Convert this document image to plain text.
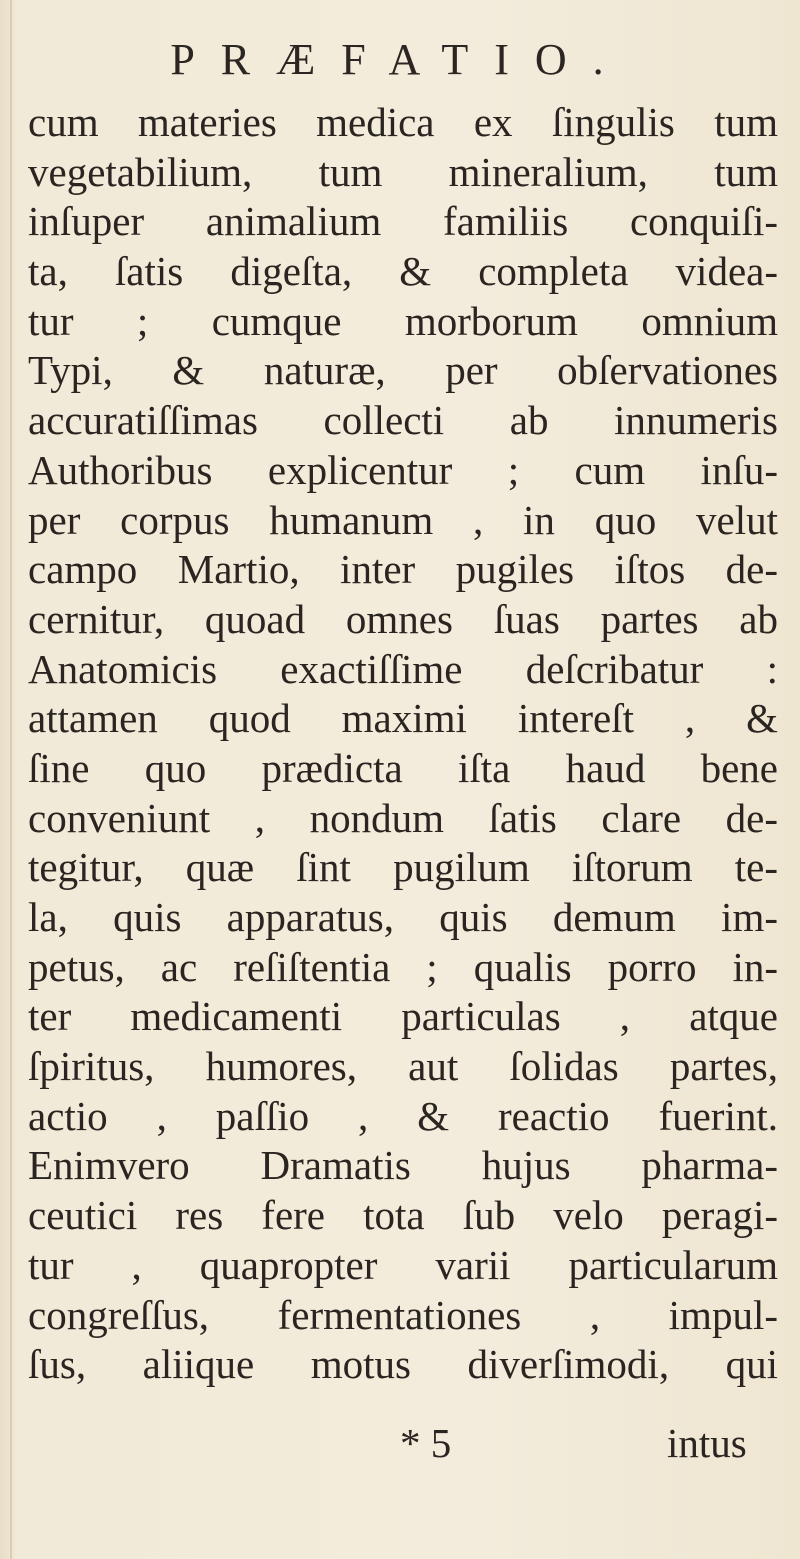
PRÆFATIO.
cum materies medica ex ſingulis tum
vegetabilium, tum mineralium, tum
inſuper animalium familiis conquiſi-
ta, ſatis digeſta, & completa videa-
tur ; cumque morborum omnium
Typi, & naturæ, per obſervationes
accuratiſſimas collecti ab innumeris
Authoribus explicentur ; cum inſu-
per corpus humanum , in quo velut
campo Martio, inter pugiles iſtos de-
cernitur, quoad omnes ſuas partes ab
Anatomicis exactiſſime deſcribatur :
attamen quod maximi intereſt , &
ſine quo prædicta iſta haud bene
conveniunt , nondum ſatis clare de-
tegitur, quæ ſint pugilum iſtorum te-
la, quis apparatus, quis demum im-
petus, ac reſiſtentia ; qualis porro in-
ter medicamenti particulas , atque
ſpiritus, humores, aut ſolidas partes,
actio , paſſio , & reactio fuerint.
Enimvero Dramatis hujus pharma-
ceutici res fere tota ſub velo peragi-
tur , quapropter varii particularum
congreſſus, fermentationes , impul-
ſus, aliique motus diverſimodi, qui
* 5	intus
